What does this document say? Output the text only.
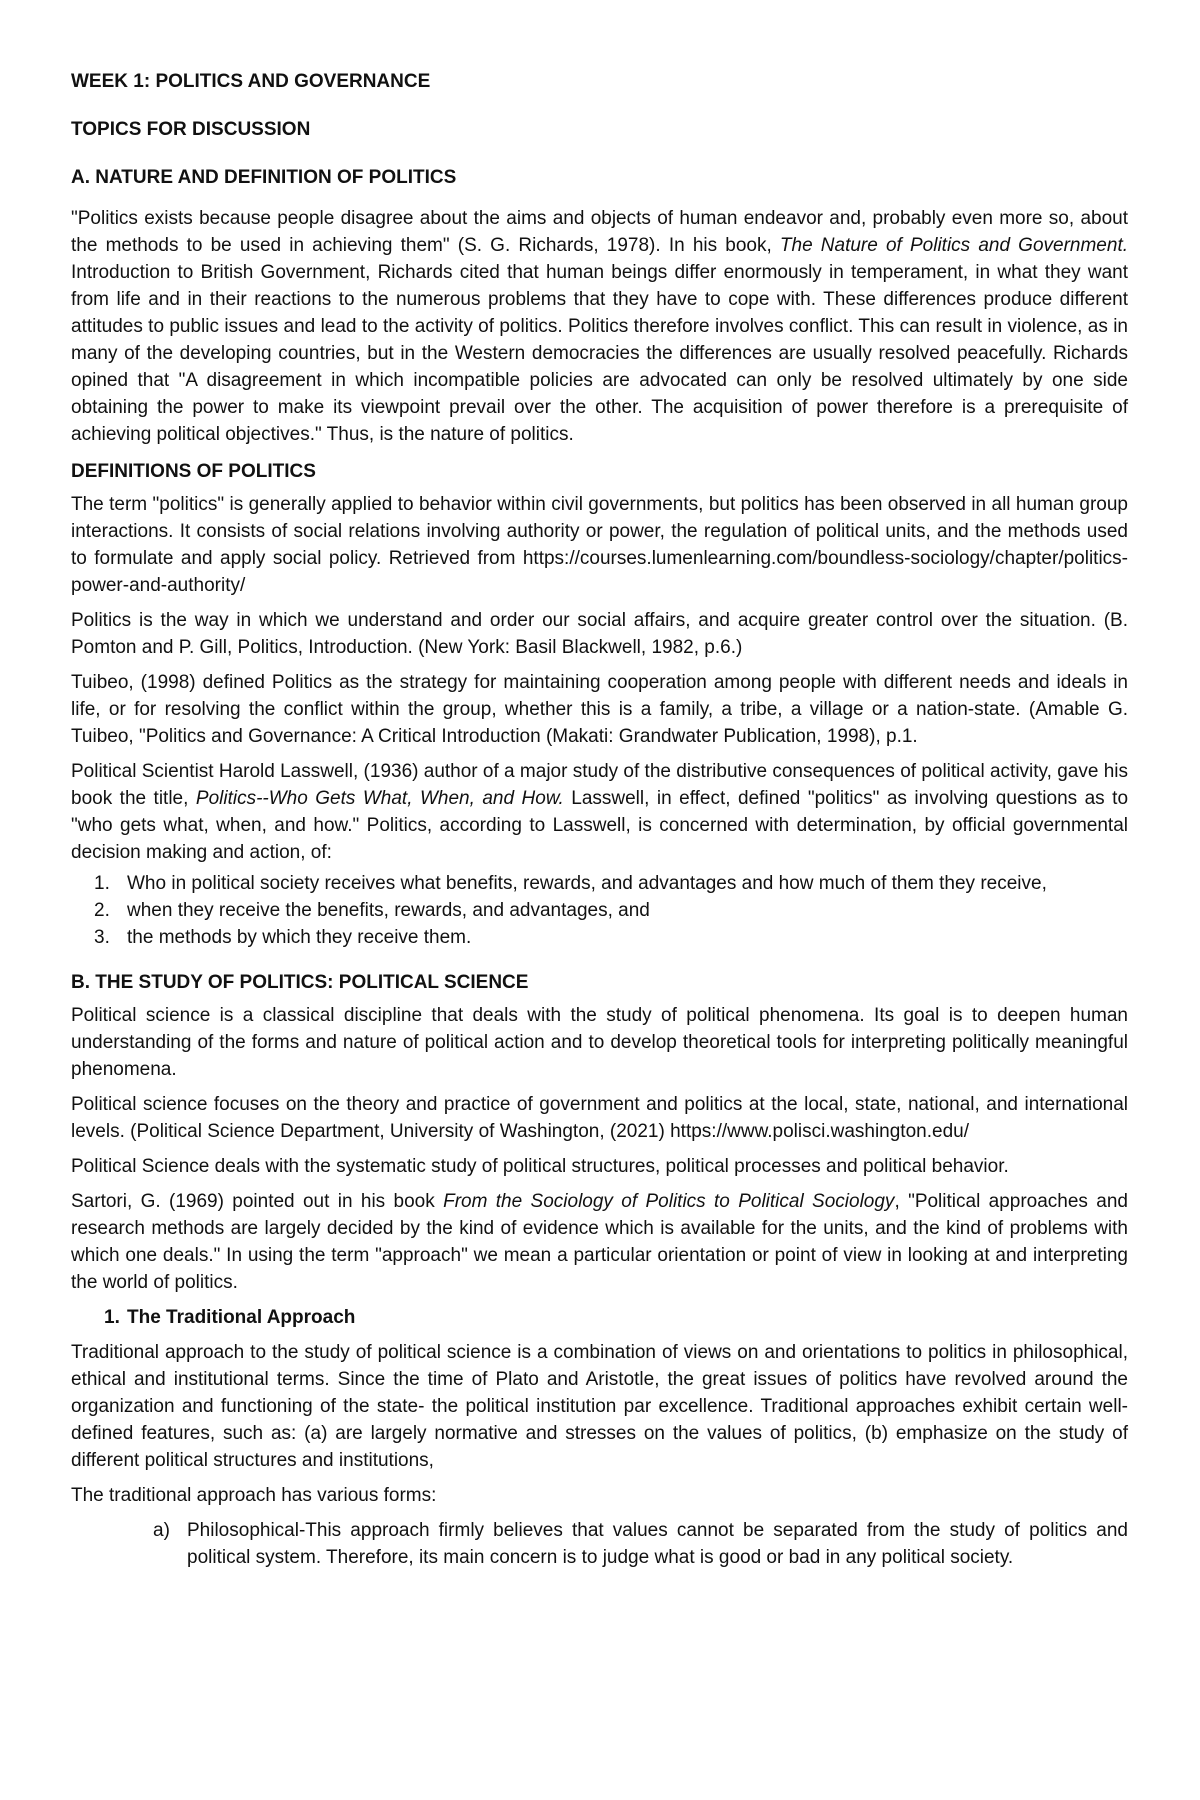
WEEK 1: POLITICS AND GOVERNANCE
TOPICS FOR DISCUSSION
A. NATURE AND DEFINITION OF POLITICS
"Politics exists because people disagree about the aims and objects of human endeavor and, probably even more so, about the methods to be used in achieving them" (S. G. Richards, 1978). In his book, The Nature of Politics and Government. Introduction to British Government, Richards cited that human beings differ enormously in temperament, in what they want from life and in their reactions to the numerous problems that they have to cope with. These differences produce different attitudes to public issues and lead to the activity of politics. Politics therefore involves conflict. This can result in violence, as in many of the developing countries, but in the Western democracies the differences are usually resolved peacefully. Richards opined that "A disagreement in which incompatible policies are advocated can only be resolved ultimately by one side obtaining the power to make its viewpoint prevail over the other. The acquisition of power therefore is a prerequisite of achieving political objectives." Thus, is the nature of politics.
DEFINITIONS OF POLITICS
The term "politics" is generally applied to behavior within civil governments, but politics has been observed in all human group interactions. It consists of social relations involving authority or power, the regulation of political units, and the methods used to formulate and apply social policy. Retrieved from https://courses.lumenlearning.com/boundless-sociology/chapter/politics-power-and-authority/
Politics is the way in which we understand and order our social affairs, and acquire greater control over the situation. (B. Pomton and P. Gill, Politics, Introduction. (New York: Basil Blackwell, 1982, p.6.)
Tuibeo, (1998) defined Politics as the strategy for maintaining cooperation among people with different needs and ideals in life, or for resolving the conflict within the group, whether this is a family, a tribe, a village or a nation-state. (Amable G. Tuibeo, "Politics and Governance: A Critical Introduction (Makati: Grandwater Publication, 1998), p.1.
Political Scientist Harold Lasswell, (1936) author of a major study of the distributive consequences of political activity, gave his book the title, Politics--Who Gets What, When, and How. Lasswell, in effect, defined "politics" as involving questions as to "who gets what, when, and how." Politics, according to Lasswell, is concerned with determination, by official governmental decision making and action, of:
1. Who in political society receives what benefits, rewards, and advantages and how much of them they receive,
2. when they receive the benefits, rewards, and advantages, and
3. the methods by which they receive them.
B. THE STUDY OF POLITICS: POLITICAL SCIENCE
Political science is a classical discipline that deals with the study of political phenomena. Its goal is to deepen human understanding of the forms and nature of political action and to develop theoretical tools for interpreting politically meaningful phenomena.
Political science focuses on the theory and practice of government and politics at the local, state, national, and international levels. (Political Science Department, University of Washington, (2021) https://www.polisci.washington.edu/
Political Science deals with the systematic study of political structures, political processes and political behavior.
Sartori, G. (1969) pointed out in his book From the Sociology of Politics to Political Sociology, "Political approaches and research methods are largely decided by the kind of evidence which is available for the units, and the kind of problems with which one deals." In using the term "approach" we mean a particular orientation or point of view in looking at and interpreting the world of politics.
1. The Traditional Approach
Traditional approach to the study of political science is a combination of views on and orientations to politics in philosophical, ethical and institutional terms. Since the time of Plato and Aristotle, the great issues of politics have revolved around the organization and functioning of the state- the political institution par excellence. Traditional approaches exhibit certain well-defined features, such as: (a) are largely normative and stresses on the values of politics, (b) emphasize on the study of different political structures and institutions,
The traditional approach has various forms:
a) Philosophical-This approach firmly believes that values cannot be separated from the study of politics and political system. Therefore, its main concern is to judge what is good or bad in any political society.
